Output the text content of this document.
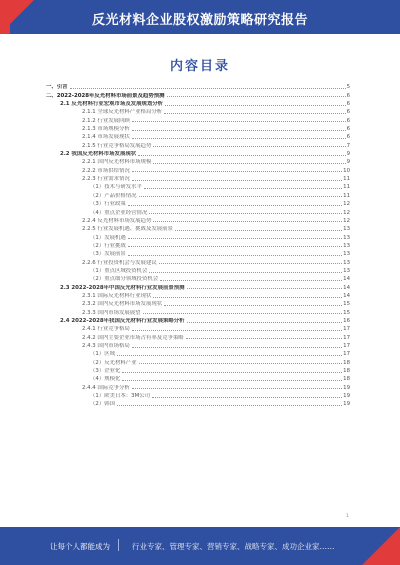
反光材料企业股权激励策略研究报告
内容目录
一、引言	5
二、2022-2028年反光材料市场前景及趋势预测	6
2.1 反光材料行业宏观市场及发展规划分析	6
2.1.1 全球反光材料产业格局分析	6
2.1.2 行业发展回顾	6
2.1.3 市场规模分析	6
2.1.4 市场发展现状	6
2.1.5 行业竞争格局发展趋势	7
2.2 我国反光材料市场发展现状	9
2.2.1 国内反光材料市场规模	9
2.2.2 市场供给情况	10
2.2.3 行业需求情况	11
（1）技术与研发水平	11
（2）产品价格情况	11
（3）行业政策	12
（4）重点企业经营情况	12
2.2.4 反光材料市场发展趋势	12
2.2.5 行业发展机遇、挑战及发展前景	13
（1）发展机遇	13
（2）行业挑战	13
（3）发展前景	13
2.2.6 行业投资机会与发展建议	13
（1）重点区域投资机会	13
（2）重点细分领域投资机会	14
2.3 2022-2028年中国反光材料行业发展前景预测	14
2.3.1 国际反光材料行业现状	14
2.3.2 国内反光材料市场发展现状	15
2.3.3 国内市场发展展望	15
2.4 2022-2028年我国反光材料行业发展策略分析	16
2.4.1 行业竞争格局	17
2.4.2 国内主要企业市场占有率及竞争策略	17
2.4.3 国内市场格局	17
（1）区域	17
（2）反光材料产业	18
（3）企业化	18
（4）规模化	18
2.4.4 国际竞争分析	19
（1）欧美日本：3M公司	19
（2）韩国	19
1
让每个人都能成为	行业专家、管理专家、营销专家、战略专家、成功企业家……
